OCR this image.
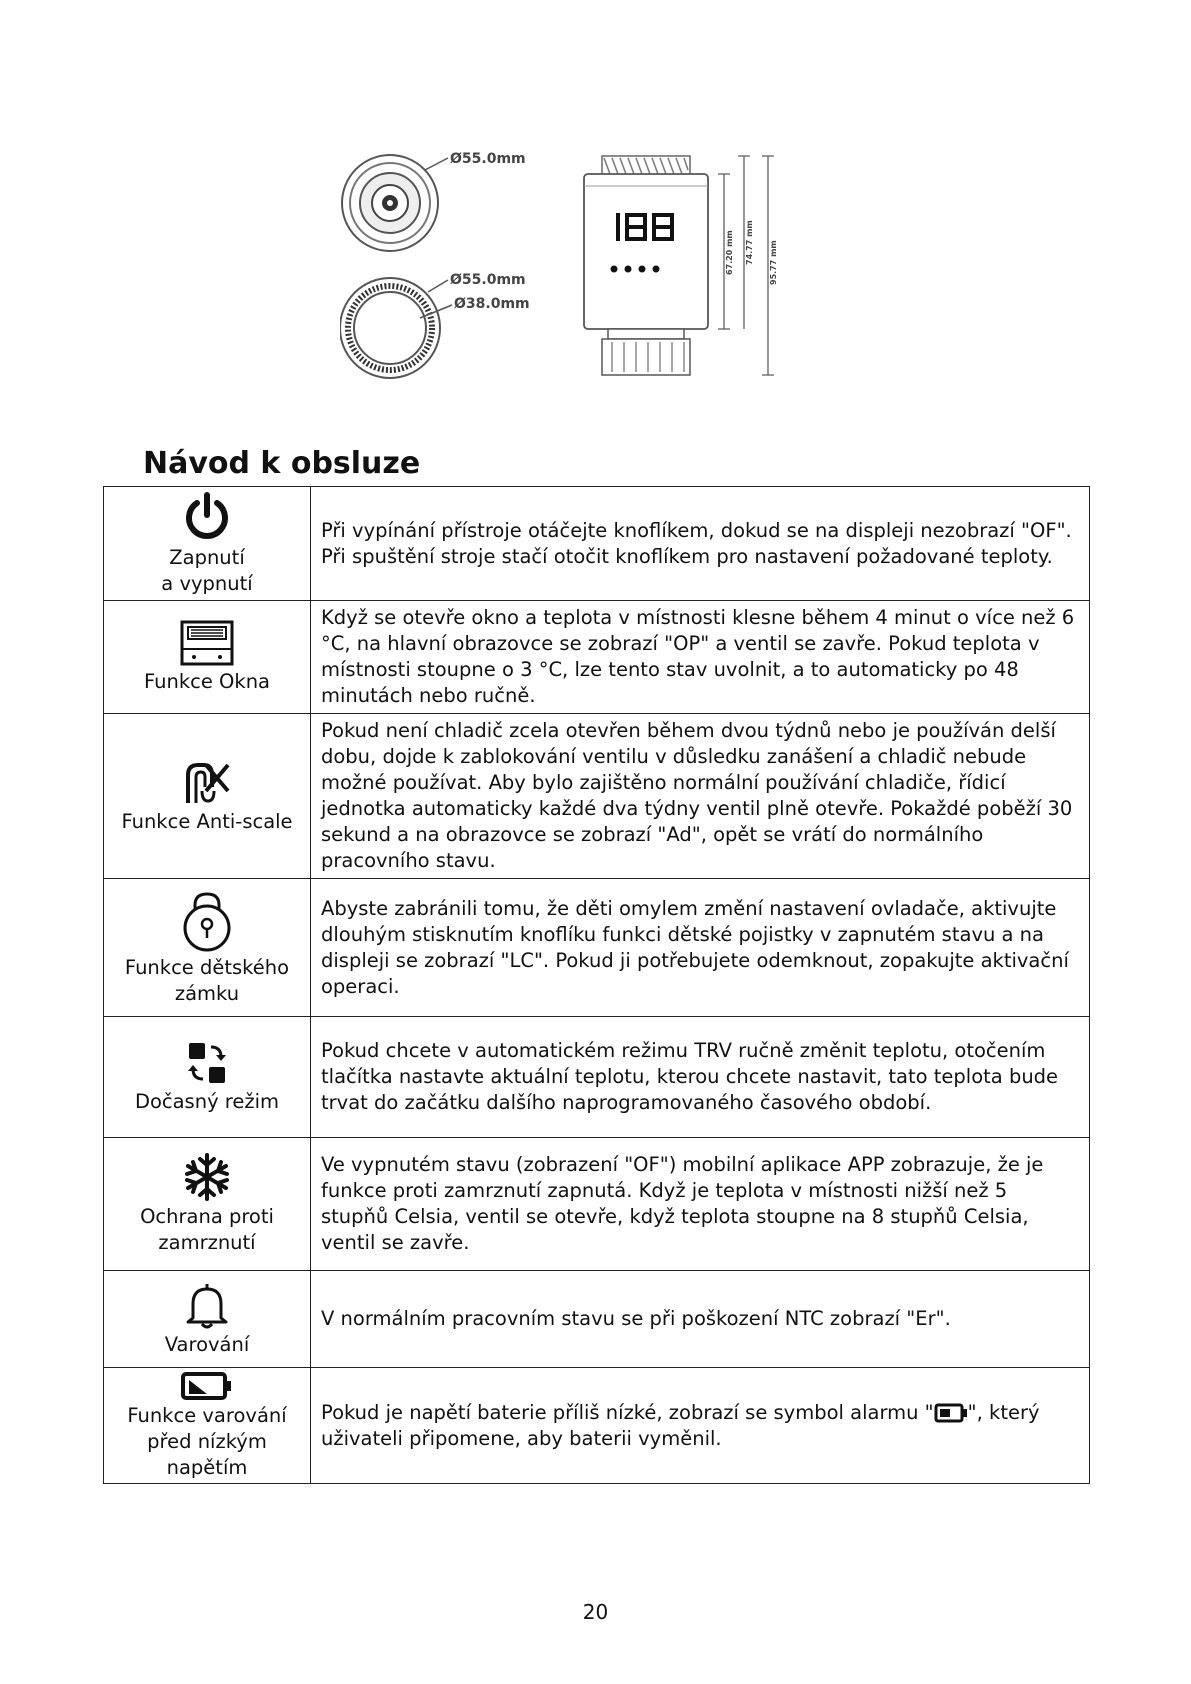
Ø55.0mm
Ø55.0mm
Ø38.0mm
67.20 mm 74.77 mm 95.77 mm
Návod k obsluze
Zapnutí
a vypnutí	Při vypínání přístroje otáčejte knoflíkem, dokud se na displeji nezobrazí "OF". Při spuštění stroje stačí otočit knoflíkem pro nastavení požadované teploty.

Funkce Okna	Když se otevře okno a teplota v místnosti klesne během 4 minut o více než 6 °C, na hlavní obrazovce se zobrazí "OP" a ventil se zavře. Pokud teplota v místnosti stoupne o 3 °C, lze tento stav uvolnit, a to automaticky po 48 minutách nebo ručně.

Funkce Anti-scale	Pokud není chladič zcela otevřen během dvou týdnů nebo je používán delší dobu, dojde k zablokování ventilu v důsledku zanášení a chladič nebude možné používat. Aby bylo zajištěno normální používání chladiče, řídicí jednotka automaticky každé dva týdny ventil plně otevře. Pokaždé poběží 30 sekund a na obrazovce se zobrazí "Ad", opět se vrátí do normálního pracovního stavu.

Funkce dětského zámku	Abyste zabránili tomu, že děti omylem změní nastavení ovladače, aktivujte dlouhým stisknutím knoflíku funkci dětské pojistky v zapnutém stavu a na displeji se zobrazí "LC". Pokud ji potřebujete odemknout, zopakujte aktivační operaci.

Dočasný režim	Pokud chcete v automatickém režimu TRV ručně změnit teplotu, otočením tlačítka nastavte aktuální teplotu, kterou chcete nastavit, tato teplota bude trvat do začátku dalšího naprogramovaného časového období.

Ochrana proti zamrznutí	Ve vypnutém stavu (zobrazení "OF") mobilní aplikace APP zobrazuje, že je funkce proti zamrznutí zapnutá. Když je teplota v místnosti nižší než 5 stupňů Celsia, ventil se otevře, když teplota stoupne na 8 stupňů Celsia, ventil se zavře.

Varování	V normálním pracovním stavu se při poškození NTC zobrazí "Er".

Funkce varování před nízkým napětím	Pokud je napětí baterie příliš nízké, zobrazí se symbol alarmu " ", který uživateli připomene, aby baterii vyměnil.
20
